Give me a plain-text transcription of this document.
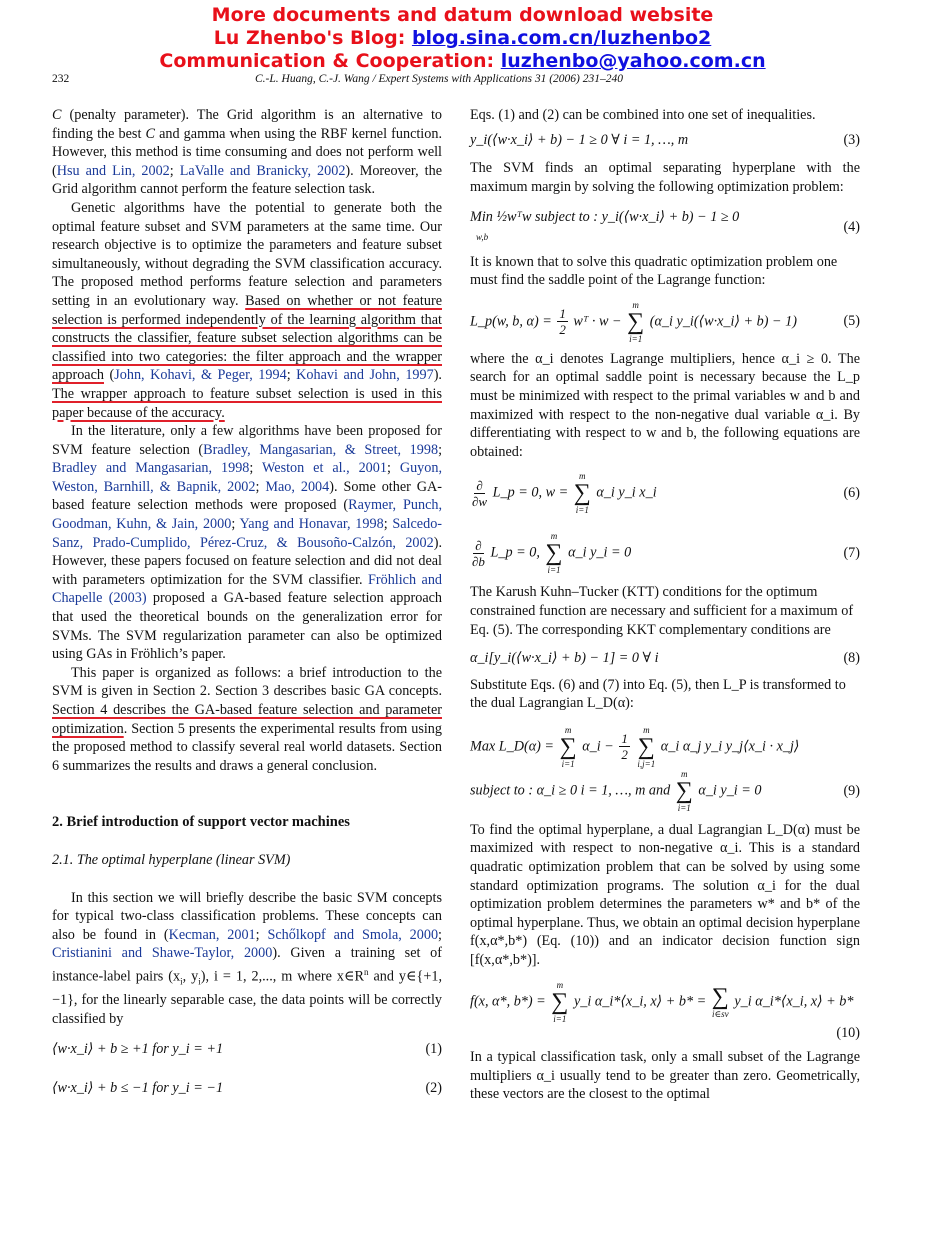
More documents and datum download website
Lu Zhenbo's Blog: blog.sina.com.cn/luzhenbo2
Communication & Cooperation: luzhenbo@yahoo.com.cn
232	C.-L. Huang, C.-J. Wang / Expert Systems with Applications 31 (2006) 231–240

C (penalty parameter). The Grid algorithm is an alternative to finding the best C and gamma when using the RBF kernel function. However, this method is time consuming and does not perform well (Hsu and Lin, 2002; LaValle and Branicky, 2002). Moreover, the Grid algorithm cannot perform the feature selection task.

Genetic algorithms have the potential to generate both the optimal feature subset and SVM parameters at the same time. Our research objective is to optimize the parameters and feature subset simultaneously, without degrading the SVM classification accuracy. The proposed method performs feature selection and parameters setting in an evolutionary way. Based on whether or not feature selection is performed independently of the learning algorithm that constructs the classifier, feature subset selection algorithms can be classified into two categories: the filter approach and the wrapper approach (John, Kohavi, & Peger, 1994; Kohavi and John, 1997). The wrapper approach to feature subset selection is used in this paper because of the accuracy.

In the literature, only a few algorithms have been proposed for SVM feature selection (Bradley, Mangasarian, & Street, 1998; Bradley and Mangasarian, 1998; Weston et al., 2001; Guyon, Weston, Barnhill, & Bapnik, 2002; Mao, 2004). Some other GA-based feature selection methods were proposed (Raymer, Punch, Goodman, Kuhn, & Jain, 2000; Yang and Honavar, 1998; Salcedo-Sanz, Prado-Cumplido, Pérez-Cruz, & Bousoño-Calzón, 2002). However, these papers focused on feature selection and did not deal with parameters optimization for the SVM classifier. Fröhlich and Chapelle (2003) proposed a GA-based feature selection approach that used the theoretical bounds on the generalization error for SVMs. The SVM regularization parameter can also be optimized using GAs in Fröhlich’s paper.

This paper is organized as follows: a brief introduction to the SVM is given in Section 2. Section 3 describes basic GA concepts. Section 4 describes the GA-based feature selection and parameter optimization. Section 5 presents the experimental results from using the proposed method to classify several real world datasets. Section 6 summarizes the results and draws a general conclusion.

2. Brief introduction of support vector machines

2.1. The optimal hyperplane (linear SVM)

In this section we will briefly describe the basic SVM concepts for typical two-class classification problems. These concepts can also be found in (Kecman, 2001; Schőlkopf and Smola, 2000; Cristianini and Shawe-Taylor, 2000). Given a training set of instance-label pairs ($x_i$, $y_i$), i = 1, 2,..., m where $x\in R^n$ and y∈{+1, −1}, for the linearly separable case, the data points will be correctly classified by

⟨w·x_i⟩ + b ≥ +1 for y_i = +1	(1)
⟨w·x_i⟩ + b ≤ −1 for y_i = −1	(2)

Eqs. (1) and (2) can be combined into one set of inequalities.

y_i(⟨w·x_i⟩ + b) − 1 ≥ 0 ∀ i = 1, …, m	(3)

The SVM finds an optimal separating hyperplane with the maximum margin by solving the following optimization problem:

Min ½wᵀw subject to : y_i(⟨w·x_i⟩ + b) − 1 ≥ 0
w,b
(4)

It is known that to solve this quadratic optimization problem one must find the saddle point of the Lagrange function:

L_p(w, b, $\alpha) = \frac{1}{2}$ wᵀ · w −
m
∑
i=1
(α_i y_i(⟨w·x_i⟩ + b) − 1)	(5)

where the α_i denotes Lagrange multipliers, hence α_i ≥ 0. The search for an optimal saddle point is necessary because the L_p must be minimized with respect to the primal variables w and b and maximized with respect to the non-negative dual variable α_i. By differentiating with respect to w and b, the following equations are obtained:

$\frac{\partial}{\partial w}$ L_p = 0, w =
m
∑
i=1
α_i y_i x_i	(6)
$\frac{\partial}{\partial b}$ L_p = 0,
m
∑
i=1
α_i y_i = 0	(7)

The Karush Kuhn–Tucker (KTT) conditions for the optimum constrained function are necessary and sufficient for a maximum of Eq. (5). The corresponding KKT complementary conditions are

α_i[y_i(⟨w·x_i⟩ + b) − 1] = 0 ∀ i	(8)

Substitute Eqs. (6) and (7) into Eq. (5), then L_P is transformed to the dual Lagrangian L_D(α):

Max L_D(α) =
m
∑
i=1
α_i − $\frac{1}{2}$

m
∑
i,j=1
α_i α_j y_i y_j⟨x_i · x_j⟩
subject to : α_i ≥ 0 i = 1, …, m and
m
∑
i=1
α_i y_i = 0	(9)

To find the optimal hyperplane, a dual Lagrangian L_D(α) must be maximized with respect to non-negative α_i. This is a standard quadratic optimization problem that can be solved by using some standard optimization programs. The solution α_i for the dual optimization problem determines the parameters w* and b* of the optimal hyperplane. Thus, we obtain an optimal decision hyperplane f(x,α*,b*) (Eq. (10)) and an indicator decision function sign [f(x,α*,b*)].

f(x, α*, b*) =
m
∑
i=1
y_i α_i*⟨x_i, x⟩ + b* = ∑
i∈sv
y_i α_i*⟨x_i, x⟩ + b*
(10)

In a typical classification task, only a small subset of the Lagrange multipliers α_i usually tend to be greater than zero. Geometrically, these vectors are the closest to the optimal
